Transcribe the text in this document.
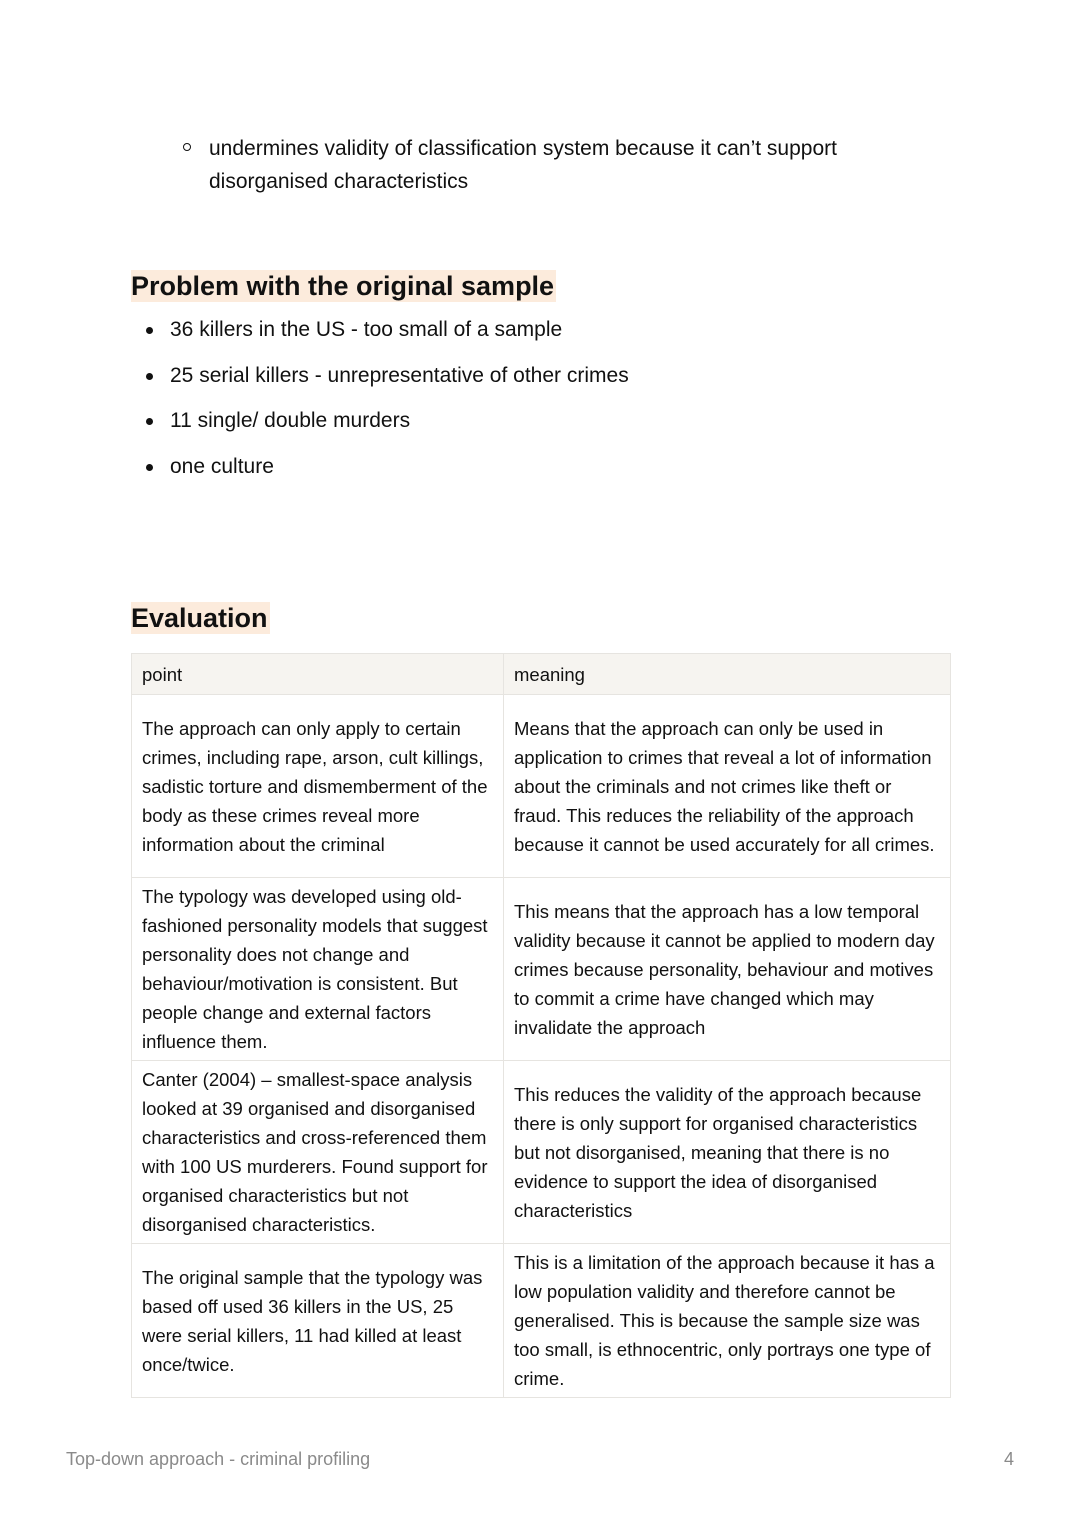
undermines validity of classification system because it can’t support disorganised characteristics
Problem with the original sample
36 killers in the US - too small of a sample
25 serial killers - unrepresentative of other crimes
11 single/ double murders
one culture
Evaluation
point	meaning
The approach can only apply to certain crimes, including rape, arson, cult killings, sadistic torture and dismemberment of the body as these crimes reveal more information about the criminal	Means that the approach can only be used in application to crimes that reveal a lot of information about the criminals and not crimes like theft or fraud. This reduces the reliability of the approach because it cannot be used accurately for all crimes.
The typology was developed using old-fashioned personality models that suggest personality does not change and behaviour/motivation is consistent. But people change and external factors influence them.	This means that the approach has a low temporal validity because it cannot be applied to modern day crimes because personality, behaviour and motives to commit a crime have changed which may invalidate the approach
Canter (2004) – smallest-space analysis looked at 39 organised and disorganised characteristics and cross-referenced them with 100 US murderers. Found support for organised characteristics but not disorganised characteristics.	This reduces the validity of the approach because there is only support for organised characteristics but not disorganised, meaning that there is no evidence to support the idea of disorganised characteristics
The original sample that the typology was based off used 36 killers in the US, 25 were serial killers, 11 had killed at least once/twice.	This is a limitation of the approach because it has a low population validity and therefore cannot be generalised. This is because the sample size was too small, is ethnocentric, only portrays one type of crime.
Top-down approach - criminal profiling	4
